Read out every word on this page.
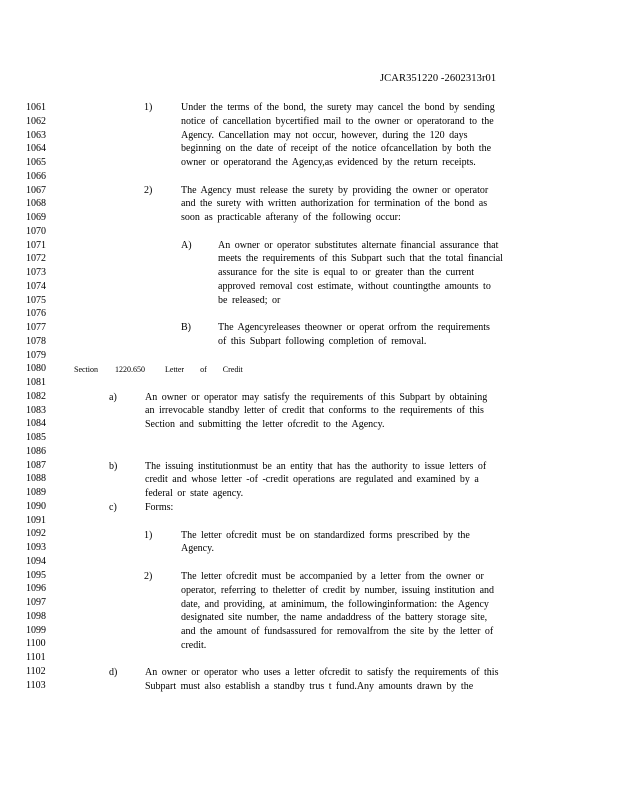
JCAR351220 -2602313r01
1061
1062
1063
1064
1065
1066
1067
1068
1069
1070
1071
1072
1073
1074
1075
1076
1077
1078
1079
1080
1081
1082
1083
1084
1085
1086
1087
1088
1089
1090
1091
1092
1093
1094
1095
1096
1097
1098
1099
1100
1101
1102
1103
1)	Under the terms of the bond, the surety may cancel the bond by sending
notice of cancellation bycertified mail to the owner or operatorand to the
Agency. Cancellation may not occur, however, during the 120 days
beginning on the date of receipt of the notice ofcancellation by both the
owner or operatorand the Agency,as evidenced by the return receipts.
2)	The Agency must release the surety by providing the owner or operator
and the surety with written authorization for termination of the bond as
soon as practicable afterany of the following occur:
A)	An owner or operator substitutes alternate financial assurance that
meets the requirements of this Subpart such that the total financial
assurance for the site is equal to or greater than the current
approved removal cost estimate, without countingthe amounts to
be released; or
B)	The Agencyreleases theowner or operat orfrom the requirements
of this Subpart following completion of removal.
Section 1220.650	Letter of Credit
a)	An owner or operator may satisfy the requirements of this Subpart by obtaining
an irrevocable standby letter of credit that conforms to the requirements of this
Section and submitting the letter ofcredit to the Agency.
b)	The issuing institutionmust be an entity that has the authority to issue letters of
credit and whose letter -of -credit operations are regulated and examined by a
federal or state agency.
c)	Forms:
1)	The letter ofcredit must be on standardized forms prescribed by the
Agency.
2)	The letter ofcredit must be accompanied by a letter from the owner or
operator, referring to theletter of credit by number, issuing institution and
date, and providing, at aminimum, the followinginformation: the Agency
designated site number, the name andaddress of the battery storage site,
and the amount of fundsassured for removalfrom the site by the letter of
credit.
d)	An owner or operator who uses a letter ofcredit to satisfy the requirements of this
Subpart must also establish a standby trus t fund.Any amounts drawn by the
